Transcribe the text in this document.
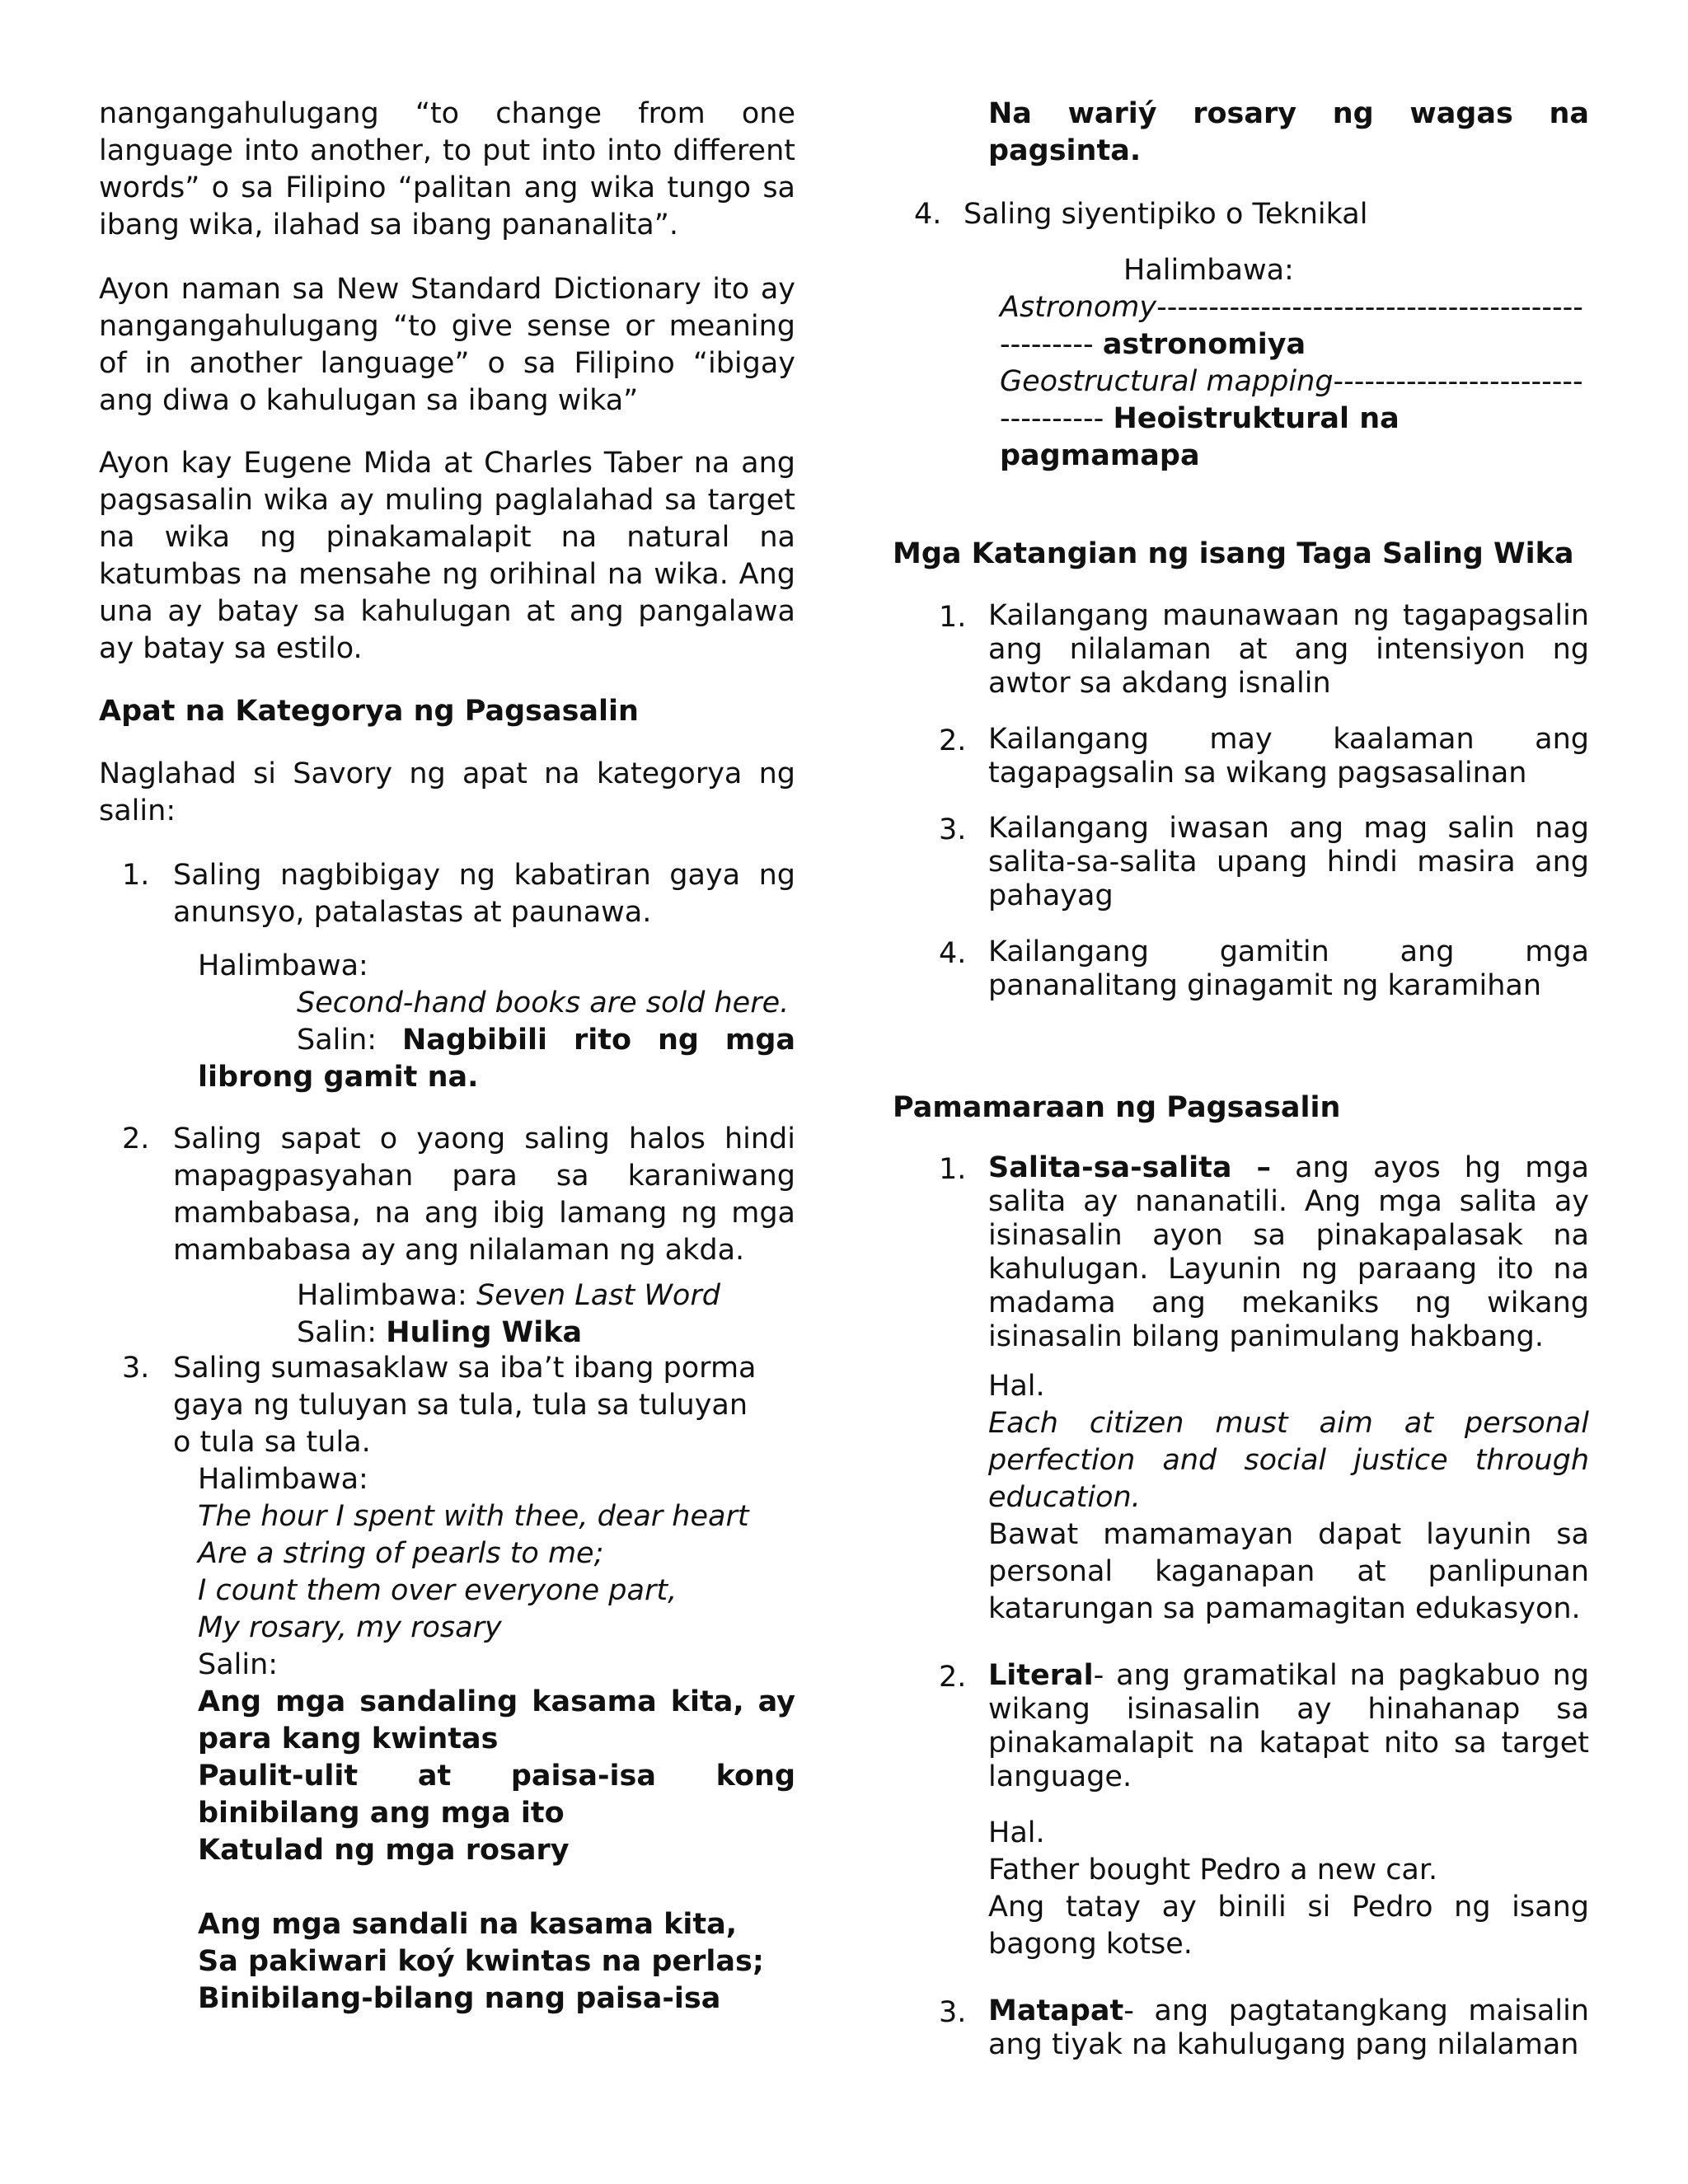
nangangahulugang “to change from one language into another, to put into into different words” o sa Filipino “palitan ang wika tungo sa ibang wika, ilahad sa ibang pananalita”.

Ayon naman sa New Standard Dictionary ito ay nangangahulugang “to give sense or meaning of in another language” o sa Filipino “ibigay ang diwa o kahulugan sa ibang wika”

Ayon kay Eugene Mida at Charles Taber na ang pagsasalin wika ay muling paglalahad sa target na wika ng pinakamalapit na natural na katumbas na mensahe ng orihinal na wika. Ang una ay batay sa kahulugan at ang pangalawa ay batay sa estilo.

Apat na Kategorya ng Pagsasalin

Naglahad si Savory ng apat na kategorya ng salin:

1. Saling nagbibigay ng kabatiran gaya ng anunsyo, patalastas at paunawa.

Halimbawa:
Second-hand books are sold here.
Salin: Nagbibili rito ng mga librong gamit na.
2. Saling sapat o yaong saling halos hindi mapagpasyahan para sa karaniwang mambabasa, na ang ibig lamang ng mga mambabasa ay ang nilalaman ng akda.

Halimbawa: Seven Last Word
Salin: Huling Wika
3. Saling sumasaklaw sa iba’t ibang porma gaya ng tuluyan sa tula, tula sa tuluyan o tula sa tula.

Halimbawa:
The hour I spent with thee, dear heart
Are a string of pearls to me;
I count them over everyone part,
My rosary, my rosary
Salin:
Ang mga sandaling kasama kita, ay para kang kwintas
Paulit-ulit at paisa-isa kong binibilang ang mga ito
Katulad ng mga rosary
Ang mga sandali na kasama kita,
Sa pakiwari koý kwintas na perlas;
Binibilang-bilang nang paisa-isa

Na wariý rosary ng wagas na pagsinta.

4. Saling siyentipiko o Teknikal

Halimbawa:
Astronomy-------------------------------------------------- astronomiya
Geostructural mapping---------------------------------- Heoistruktural na pagmamapa

Mga Katangian ng isang Taga Saling Wika

1. Kailangang maunawaan ng tagapagsalin ang nilalaman at ang intensiyon ng awtor sa akdang isnalin

2. Kailangang may kaalaman ang tagapagsalin sa wikang pagsasalinan

3. Kailangang iwasan ang mag salin nag salita-sa-salita upang hindi masira ang pahayag

4. Kailangang gamitin ang mga pananalitang ginagamit ng karamihan

Pamamaraan ng Pagsasalin

1. Salita-sa-salita – ang ayos hg mga salita ay nananatili. Ang mga salita ay isinasalin ayon sa pinakapalasak na kahulugan. Layunin ng paraang ito na madama ang mekaniks ng wikang isinasalin bilang panimulang hakbang.

Hal.
Each citizen must aim at personal perfection and social justice through education.
Bawat mamamayan dapat layunin sa personal kaganapan at panlipunan katarungan sa pamamagitan edukasyon.
2. Literal- ang gramatikal na pagkabuo ng wikang isinasalin ay hinahanap sa pinakamalapit na katapat nito sa target language.

Hal.
Father bought Pedro a new car.
Ang tatay ay binili si Pedro ng isang bagong kotse.
3. Matapat- ang pagtatangkang maisalin ang tiyak na kahulugang pang nilalaman
